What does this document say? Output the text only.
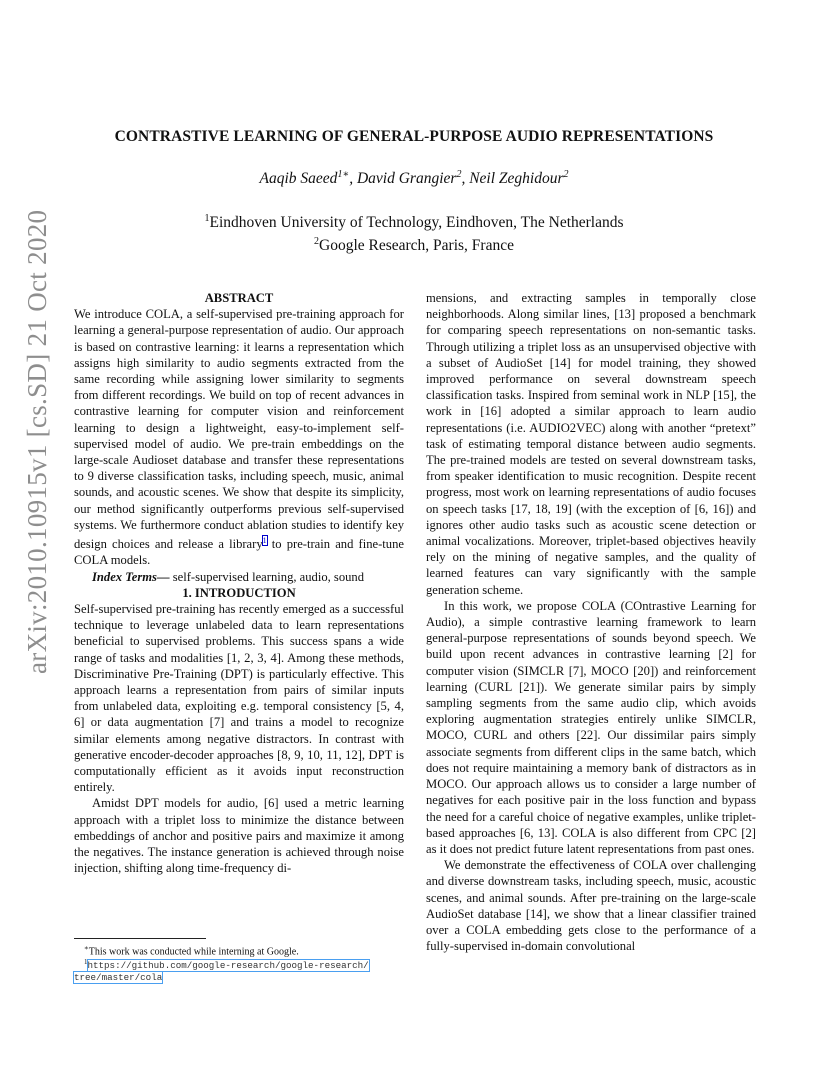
CONTRASTIVE LEARNING OF GENERAL-PURPOSE AUDIO REPRESENTATIONS
Aaqib Saeed$^{1∗}$, David Grangier$^2$, Neil Zeghidour$^2$
$^1$Eindhoven University of Technology, Eindhoven, The Netherlands
$^2$Google Research, Paris, France
arXiv:2010.10915v1 [cs.SD] 21 Oct 2020	ABSTRACT

We introduce COLA, a self-supervised pre-training approach for learning a general-purpose representation of audio. Our approach is based on contrastive learning: it learns a representation which assigns high similarity to audio segments extracted from the same recording while assigning lower similarity to segments from different recordings. We build on top of recent advances in contrastive learning for computer vision and reinforcement learning to design a lightweight, easy-to-implement self-supervised model of audio. We pre-train embeddings on the large-scale Audioset database and transfer these representations to 9 diverse classification tasks, including speech, music, animal sounds, and acoustic scenes. We show that despite its simplicity, our method significantly outperforms previous self-supervised systems. We furthermore conduct ablation studies to identify key design choices and release a library$^1$ to pre-train and fine-tune COLA models.

Index Terms— self-supervised learning, audio, sound

1. INTRODUCTION

Self-supervised pre-training has recently emerged as a successful technique to leverage unlabeled data to learn representations beneficial to supervised problems. This success spans a wide range of tasks and modalities [1, 2, 3, 4]. Among these methods, Discriminative Pre-Training (DPT) is particularly effective. This approach learns a representation from pairs of similar inputs from unlabeled data, exploiting e.g. temporal consistency [5, 4, 6] or data augmentation [7] and trains a model to recognize similar elements among negative distractors. In contrast with generative encoder-decoder approaches [8, 9, 10, 11, 12], DPT is computationally efficient as it avoids input reconstruction entirely.

Amidst DPT models for audio, [6] used a metric learning approach with a triplet loss to minimize the distance between embeddings of anchor and positive pairs and maximize it among the negatives. The instance generation is achieved through noise injection, shifting along time-frequency di-

mensions, and extracting samples in temporally close neighborhoods. Along similar lines, [13] proposed a benchmark for comparing speech representations on non-semantic tasks. Through utilizing a triplet loss as an unsupervised objective with a subset of AudioSet [14] for model training, they showed improved performance on several downstream speech classification tasks. Inspired from seminal work in NLP [15], the work in [16] adopted a similar approach to learn audio representations (i.e. AUDIO2VEC) along with another “pretext” task of estimating temporal distance between audio segments. The pre-trained models are tested on several downstream tasks, from speaker identification to music recognition. Despite recent progress, most work on learning representations of audio focuses on speech tasks [17, 18, 19] (with the exception of [6, 16]) and ignores other audio tasks such as acoustic scene detection or animal vocalizations. Moreover, triplet-based objectives heavily rely on the mining of negative samples, and the quality of learned features can vary significantly with the sample generation scheme.

In this work, we propose COLA (COntrastive Learning for Audio), a simple contrastive learning framework to learn general-purpose representations of sounds beyond speech. We build upon recent advances in contrastive learning [2] for computer vision (SIMCLR [7], MOCO [20]) and reinforcement learning (CURL [21]). We generate similar pairs by simply sampling segments from the same audio clip, which avoids exploring augmentation strategies entirely unlike SIMCLR, MOCO, CURL and others [22]. Our dissimilar pairs simply associate segments from different clips in the same batch, which does not require maintaining a memory bank of distractors as in MOCO. Our approach allows us to consider a large number of negatives for each positive pair in the loss function and bypass the need for a careful choice of negative examples, unlike triplet-based approaches [6, 13]. COLA is also different from CPC [2] as it does not predict future latent representations from past ones.

We demonstrate the effectiveness of COLA over challenging and diverse downstream tasks, including speech, music, acoustic scenes, and animal sounds. After pre-training on the large-scale AudioSet database [14], we show that a linear classifier trained over a COLA embedding gets close to the performance of a fully-supervised in-domain convolutional

∗This work was conducted while interning at Google.
$^1$https://github.com/google-research/google-research/
tree/master/cola
